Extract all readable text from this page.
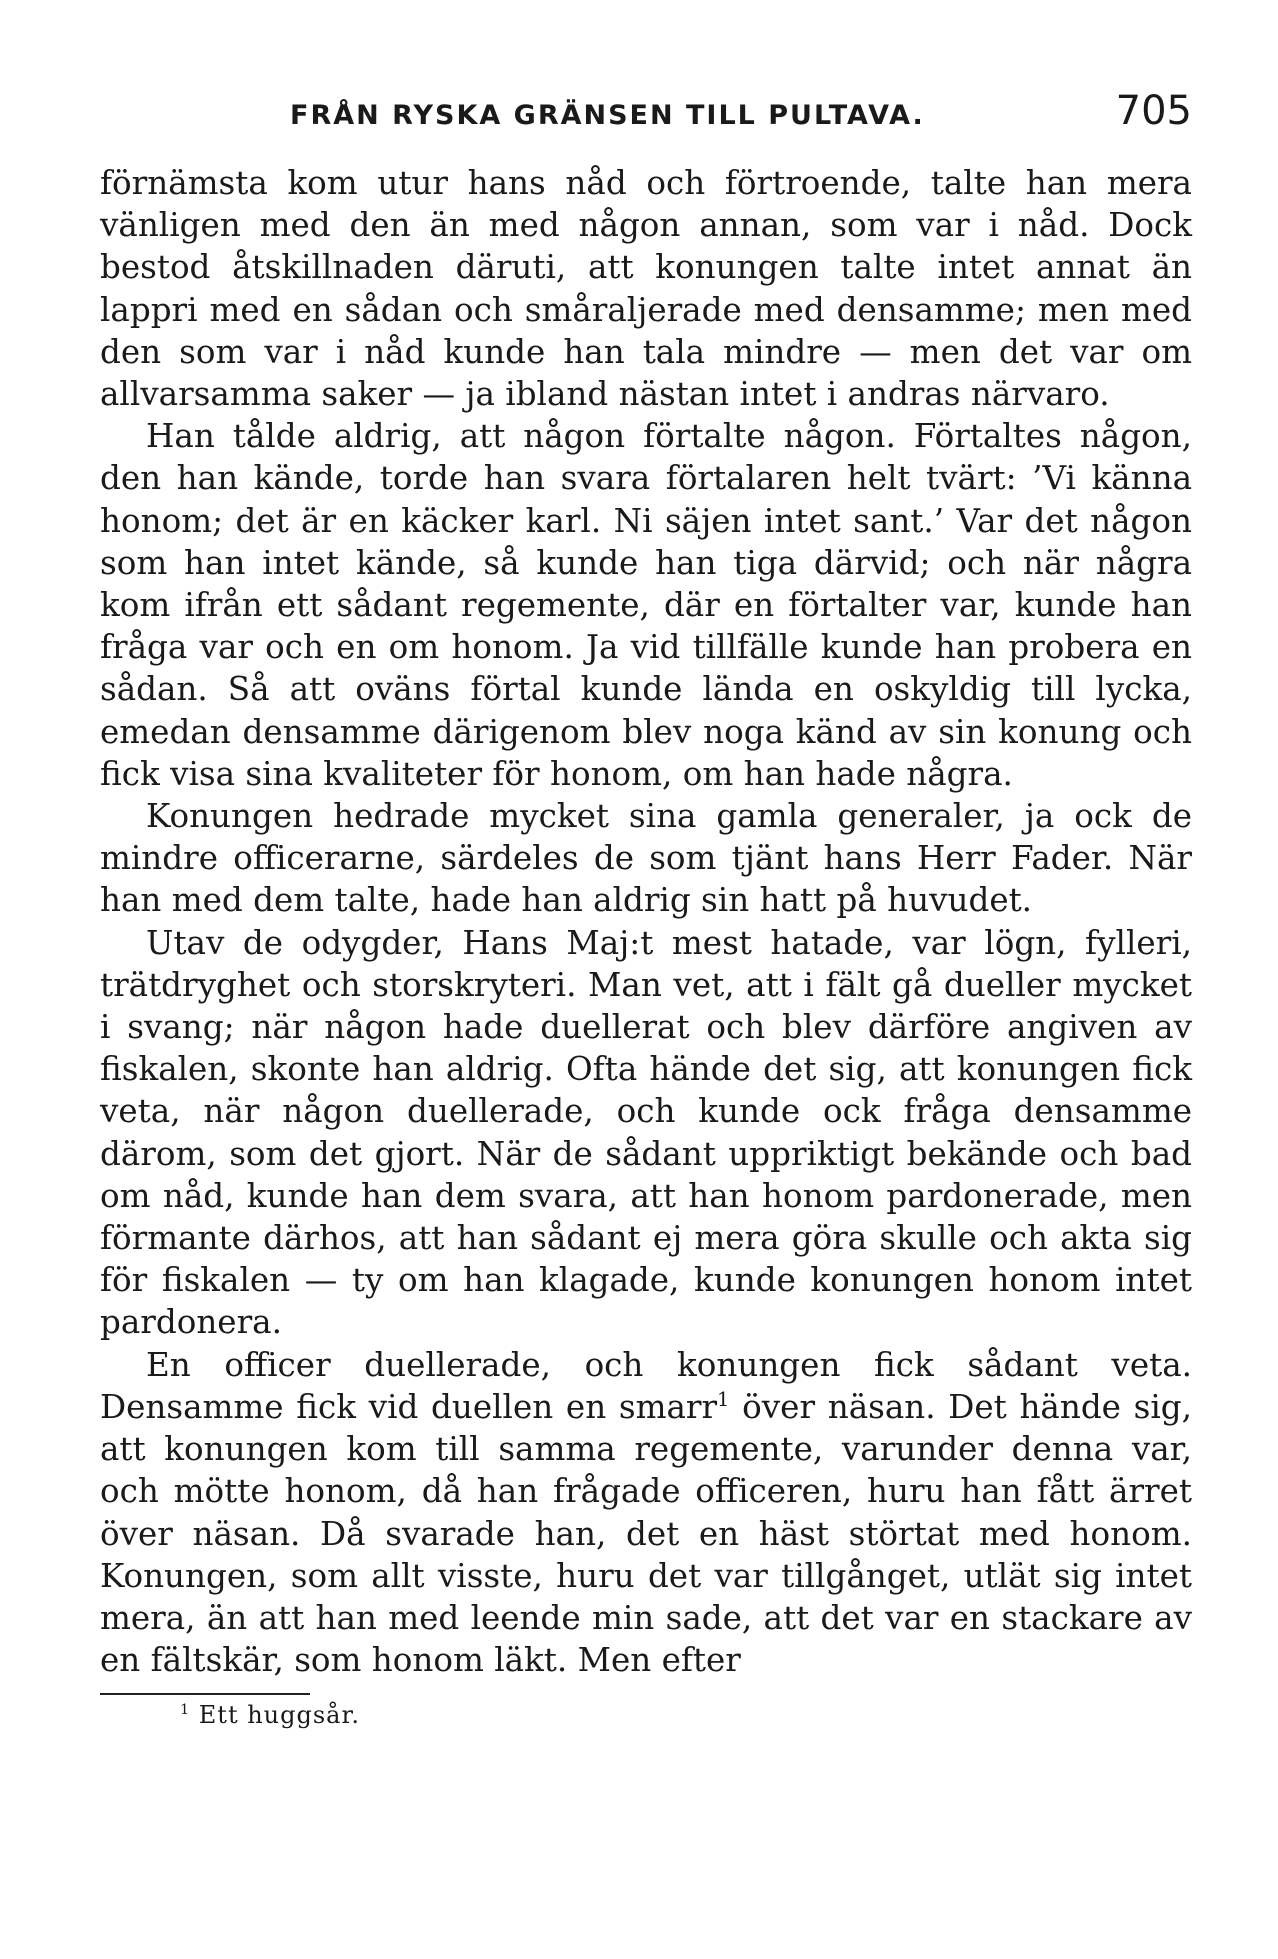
FRÅN RYSKA GRÄNSEN TILL PULTAVA.	705

förnämsta kom utur hans nåd och förtroende, talte han mera vänligen med den än med någon annan, som var i nåd. Dock bestod åtskillnaden däruti, att konungen talte intet annat än lappri med en sådan och småraljerade med densamme; men med den som var i nåd kunde han tala mindre — men det var om allvarsamma saker — ja ibland nästan intet i andras närvaro.

Han tålde aldrig, att någon förtalte någon. Förtaltes någon, den han kände, torde han svara förtalaren helt tvärt: ’Vi känna honom; det är en käcker karl. Ni säjen intet sant.’ Var det någon som han intet kände, så kunde han tiga därvid; och när några kom ifrån ett sådant regemente, där en förtalter var, kunde han fråga var och en om honom. Ja vid tillfälle kunde han probera en sådan. Så att oväns förtal kunde lända en oskyldig till lycka, emedan densamme därigenom blev noga känd av sin konung och fick visa sina kvaliteter för honom, om han hade några.

Konungen hedrade mycket sina gamla generaler, ja ock de mindre officerarne, särdeles de som tjänt hans Herr Fader. När han med dem talte, hade han aldrig sin hatt på huvudet.

Utav de odygder, Hans Maj:t mest hatade, var lögn, fylleri, trätdryghet och storskryteri. Man vet, att i fält gå dueller mycket i svang; när någon hade duellerat och blev därföre angiven av fiskalen, skonte han aldrig. Ofta hände det sig, att konungen fick veta, när någon duellerade, och kunde ock fråga densamme därom, som det gjort. När de sådant uppriktigt bekände och bad om nåd, kunde han dem svara, att han honom pardonerade, men förmante därhos, att han sådant ej mera göra skulle och akta sig för fiskalen — ty om han klagade, kunde konungen honom intet pardonera.

En officer duellerade, och konungen fick sådant veta. Densamme fick vid duellen en smarr$^1$ över näsan. Det hände sig, att konungen kom till samma regemente, varunder denna var, och mötte honom, då han frågade officeren, huru han fått ärret över näsan. Då svarade han, det en häst störtat med honom. Konungen, som allt visste, huru det var tillgånget, utlät sig intet mera, än att han med leende min sade, att det var en stackare av en fältskär, som honom läkt. Men efter

$^1$ Ett huggsår.
